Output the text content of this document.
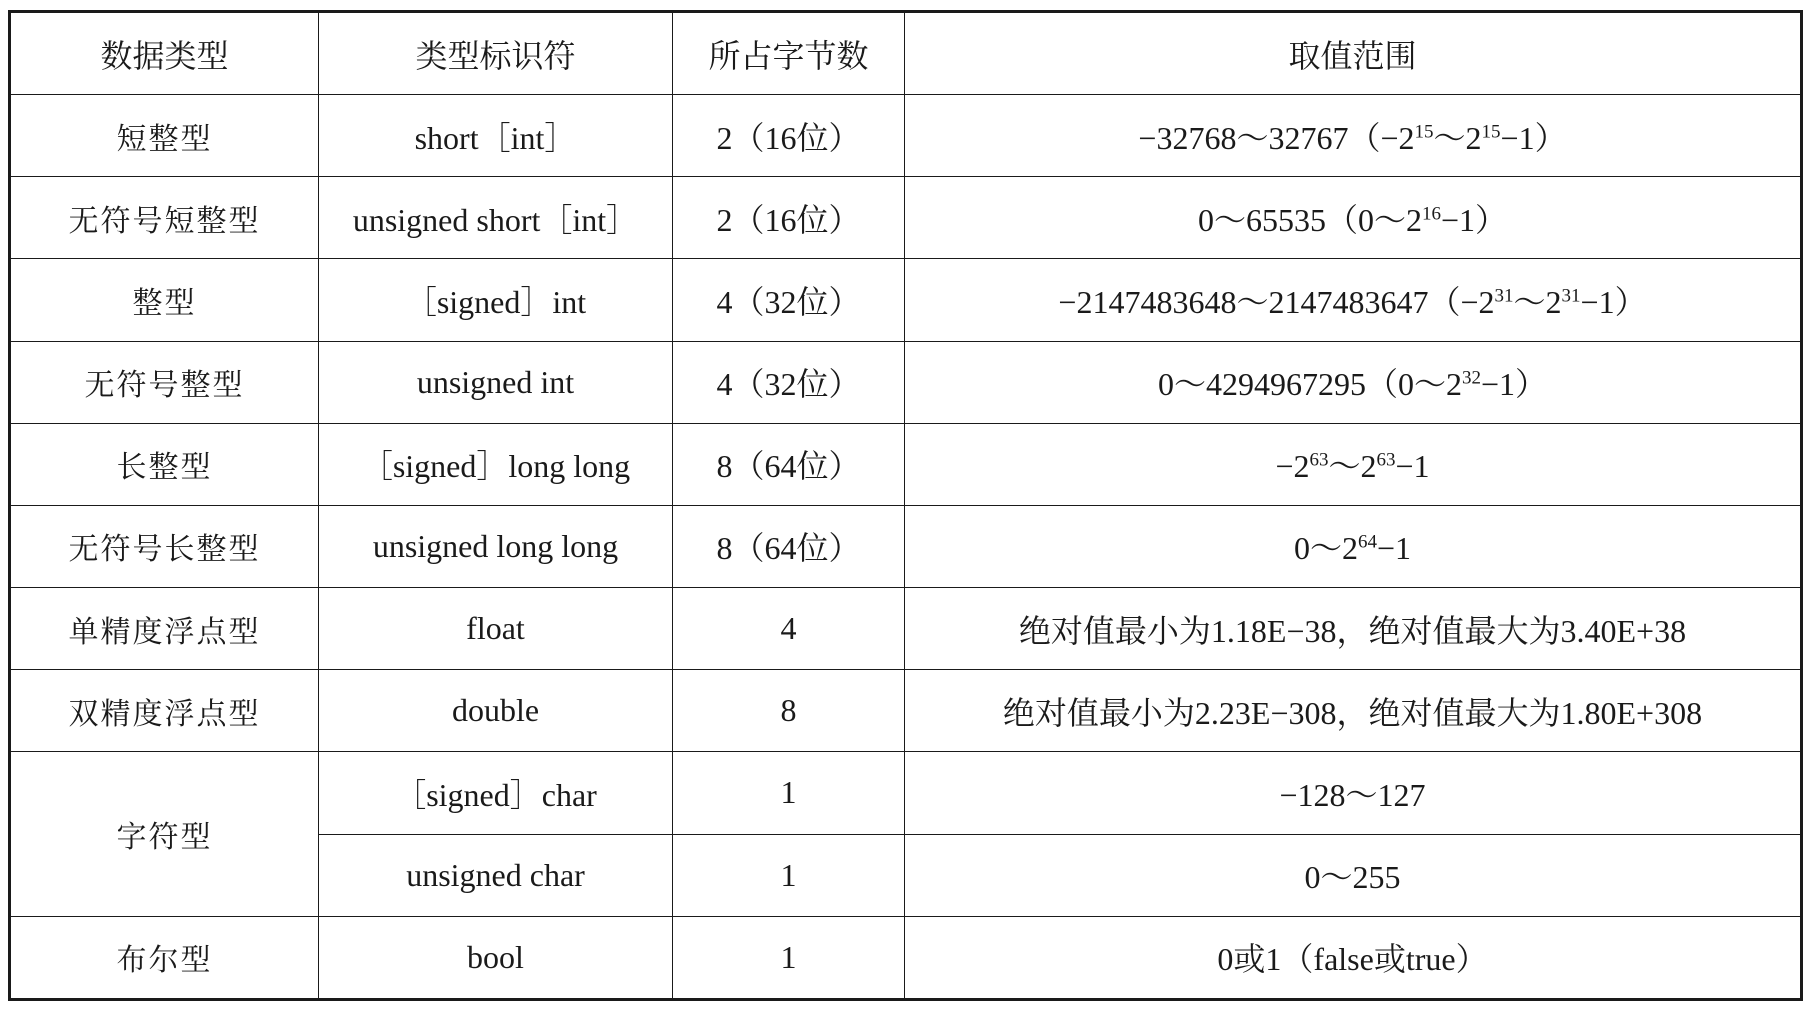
数据类型	类型标识符	所占字节数	取值范围
短整型	short［int］	2（16位）	$-32768\sim 32767(-2^{15}\sim 2^{15}-1)$
无符号短整型	unsigned short［int］	2（16位）	$0\sim 65535(0\sim 2^{16}-1)$
整型	［signed］int	4（32位）	$-2147483648\sim 2147483647(-2^{31}\sim 2^{31}-1)$
无符号整型	unsigned int	4（32位）	$0\sim 4294967295(0\sim 2^{32}-1)$
长整型	［signed］long long	8（64位）	$-2^{63}\sim 2^{63}-1$
无符号长整型	unsigned long long	8（64位）	$0\sim 2^{64}-1$
单精度浮点型	float	4	绝对值最小为1.18E−38，绝对值最大为3.40E+38
双精度浮点型	double	8	绝对值最小为2.23E−308，绝对值最大为1.80E+308
字符型	［signed］char	1	−128～127
	unsigned char	1	0～255
布尔型	bool	1	0或1（false或true）
